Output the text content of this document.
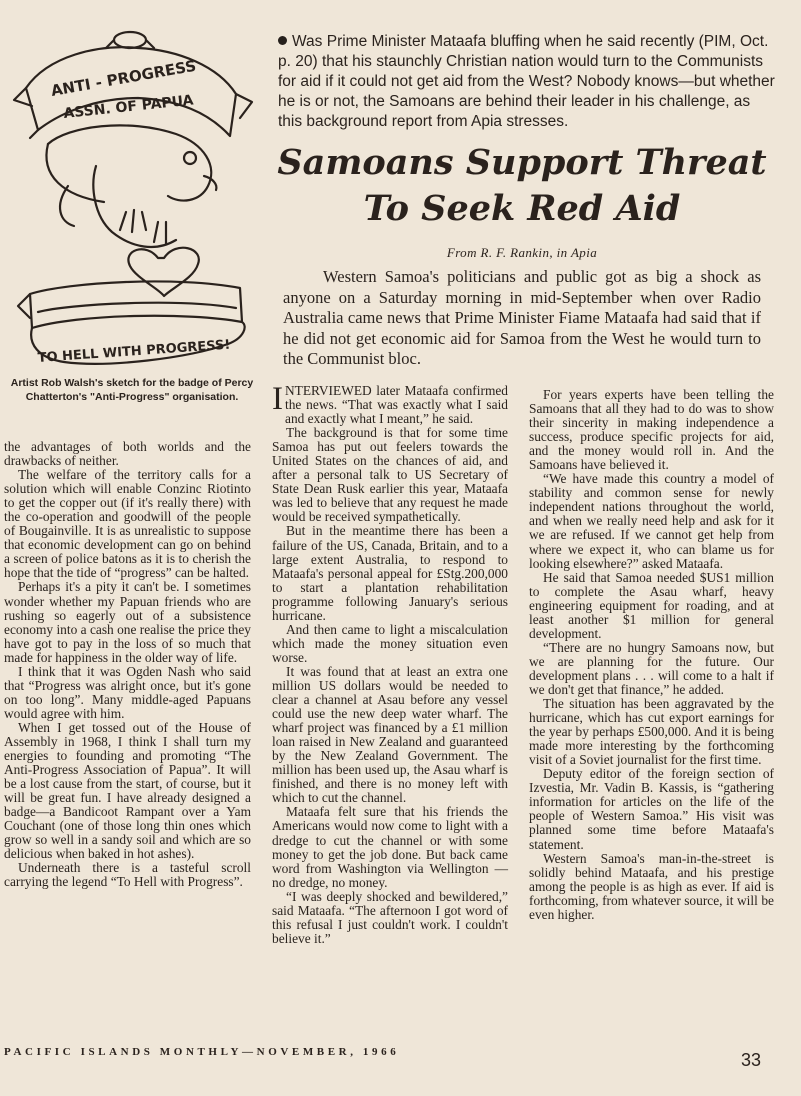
ANTI - PROGRESS
ASSN. OF PAPUA
TO HELL WITH PROGRESS!
Artist Rob Walsh's sketch for the badge of Percy Chatterton's "Anti-Progress" organisation.
Was Prime Minister Mataafa bluffing when he said recently (PIM, Oct. p. 20) that his staunchly Christian nation would turn to the Communists for aid if it could not get aid from the West? Nobody knows—but whether he is or not, the Samoans are behind their leader in his challenge, as this background report from Apia stresses.
Samoans Support Threat
To Seek Red Aid
From R. F. Rankin, in Apia
Western Samoa's politicians and public got as big a shock as anyone on a Saturday morning in mid-September when over Radio Australia came news that Prime Minister Fiame Mataafa had said that if he did not get economic aid for Samoa from the West he would turn to the Communist bloc.

the advantages of both worlds and the drawbacks of neither.

The welfare of the territory calls for a solution which will enable Conzinc Riotinto to get the copper out (if it's really there) with the co-operation and goodwill of the people of Bougainville. It is as unrealistic to suppose that economic development can go on behind a screen of police batons as it is to cherish the hope that the tide of “progress” can be halted.

Perhaps it's a pity it can't be. I sometimes wonder whether my Papuan friends who are rushing so eagerly out of a subsistence economy into a cash one realise the price they have got to pay in the loss of so much that made for happiness in the older way of life.

I think that it was Ogden Nash who said that “Progress was alright once, but it's gone on too long”. Many middle-aged Papuans would agree with him.

When I get tossed out of the House of Assembly in 1968, I think I shall turn my energies to founding and promoting “The Anti-Progress Association of Papua”. It will be a lost cause from the start, of course, but it will be great fun. I have already designed a badge—a Bandicoot Rampant over a Yam Couchant (one of those long thin ones which grow so well in a sandy soil and which are so delicious when baked in hot ashes).

Underneath there is a tasteful scroll carrying the legend “To Hell with Progress”.

INTERVIEWED later Mataafa confirmed the news. “That was exactly what I said and exactly what I meant,” he said.

The background is that for some time Samoa has put out feelers towards the United States on the chances of aid, and after a personal talk to US Secretary of State Dean Rusk earlier this year, Mataafa was led to believe that any request he made would be received sympathetically.

But in the meantime there has been a failure of the US, Canada, Britain, and to a large extent Australia, to respond to Mataafa's personal appeal for £Stg.200,000 to start a plantation rehabilitation programme following January's serious hurricane.

And then came to light a miscalculation which made the money situation even worse.

It was found that at least an extra one million US dollars would be needed to clear a channel at Asau before any vessel could use the new deep water wharf. The wharf project was financed by a £1 million loan raised in New Zealand and guaranteed by the New Zealand Government. The million has been used up, the Asau wharf is finished, and there is no money left with which to cut the channel.

Mataafa felt sure that his friends the Americans would now come to light with a dredge to cut the channel or with some money to get the job done. But back came word from Washington via Wellington — no dredge, no money.

“I was deeply shocked and bewildered,” said Mataafa. “The afternoon I got word of this refusal I just couldn't work. I couldn't believe it.”

For years experts have been telling the Samoans that all they had to do was to show their sincerity in making independence a success, produce specific projects for aid, and the money would roll in. And the Samoans have believed it.

“We have made this country a model of stability and common sense for newly independent nations throughout the world, and when we really need help and ask for it we are refused. If we cannot get help from where we expect it, who can blame us for looking elsewhere?” asked Mataafa.

He said that Samoa needed $US1 million to complete the Asau wharf, heavy engineering equipment for roading, and at least another $1 million for general development.

“There are no hungry Samoans now, but we are planning for the future. Our development plans . . . will come to a halt if we don't get that finance,” he added.

The situation has been aggravated by the hurricane, which has cut export earnings for the year by perhaps £500,000. And it is being made more interesting by the forthcoming visit of a Soviet journalist for the first time.

Deputy editor of the foreign section of Izvestia, Mr. Vadin B. Kassis, is “gathering information for articles on the life of the people of Western Samoa.” His visit was planned some time before Mataafa's statement.

Western Samoa's man-in-the-street is solidly behind Mataafa, and his prestige among the people is as high as ever. If aid is forthcoming, from whatever source, it will be even higher.

PACIFIC ISLANDS MONTHLY—NOVEMBER, 1966	33
